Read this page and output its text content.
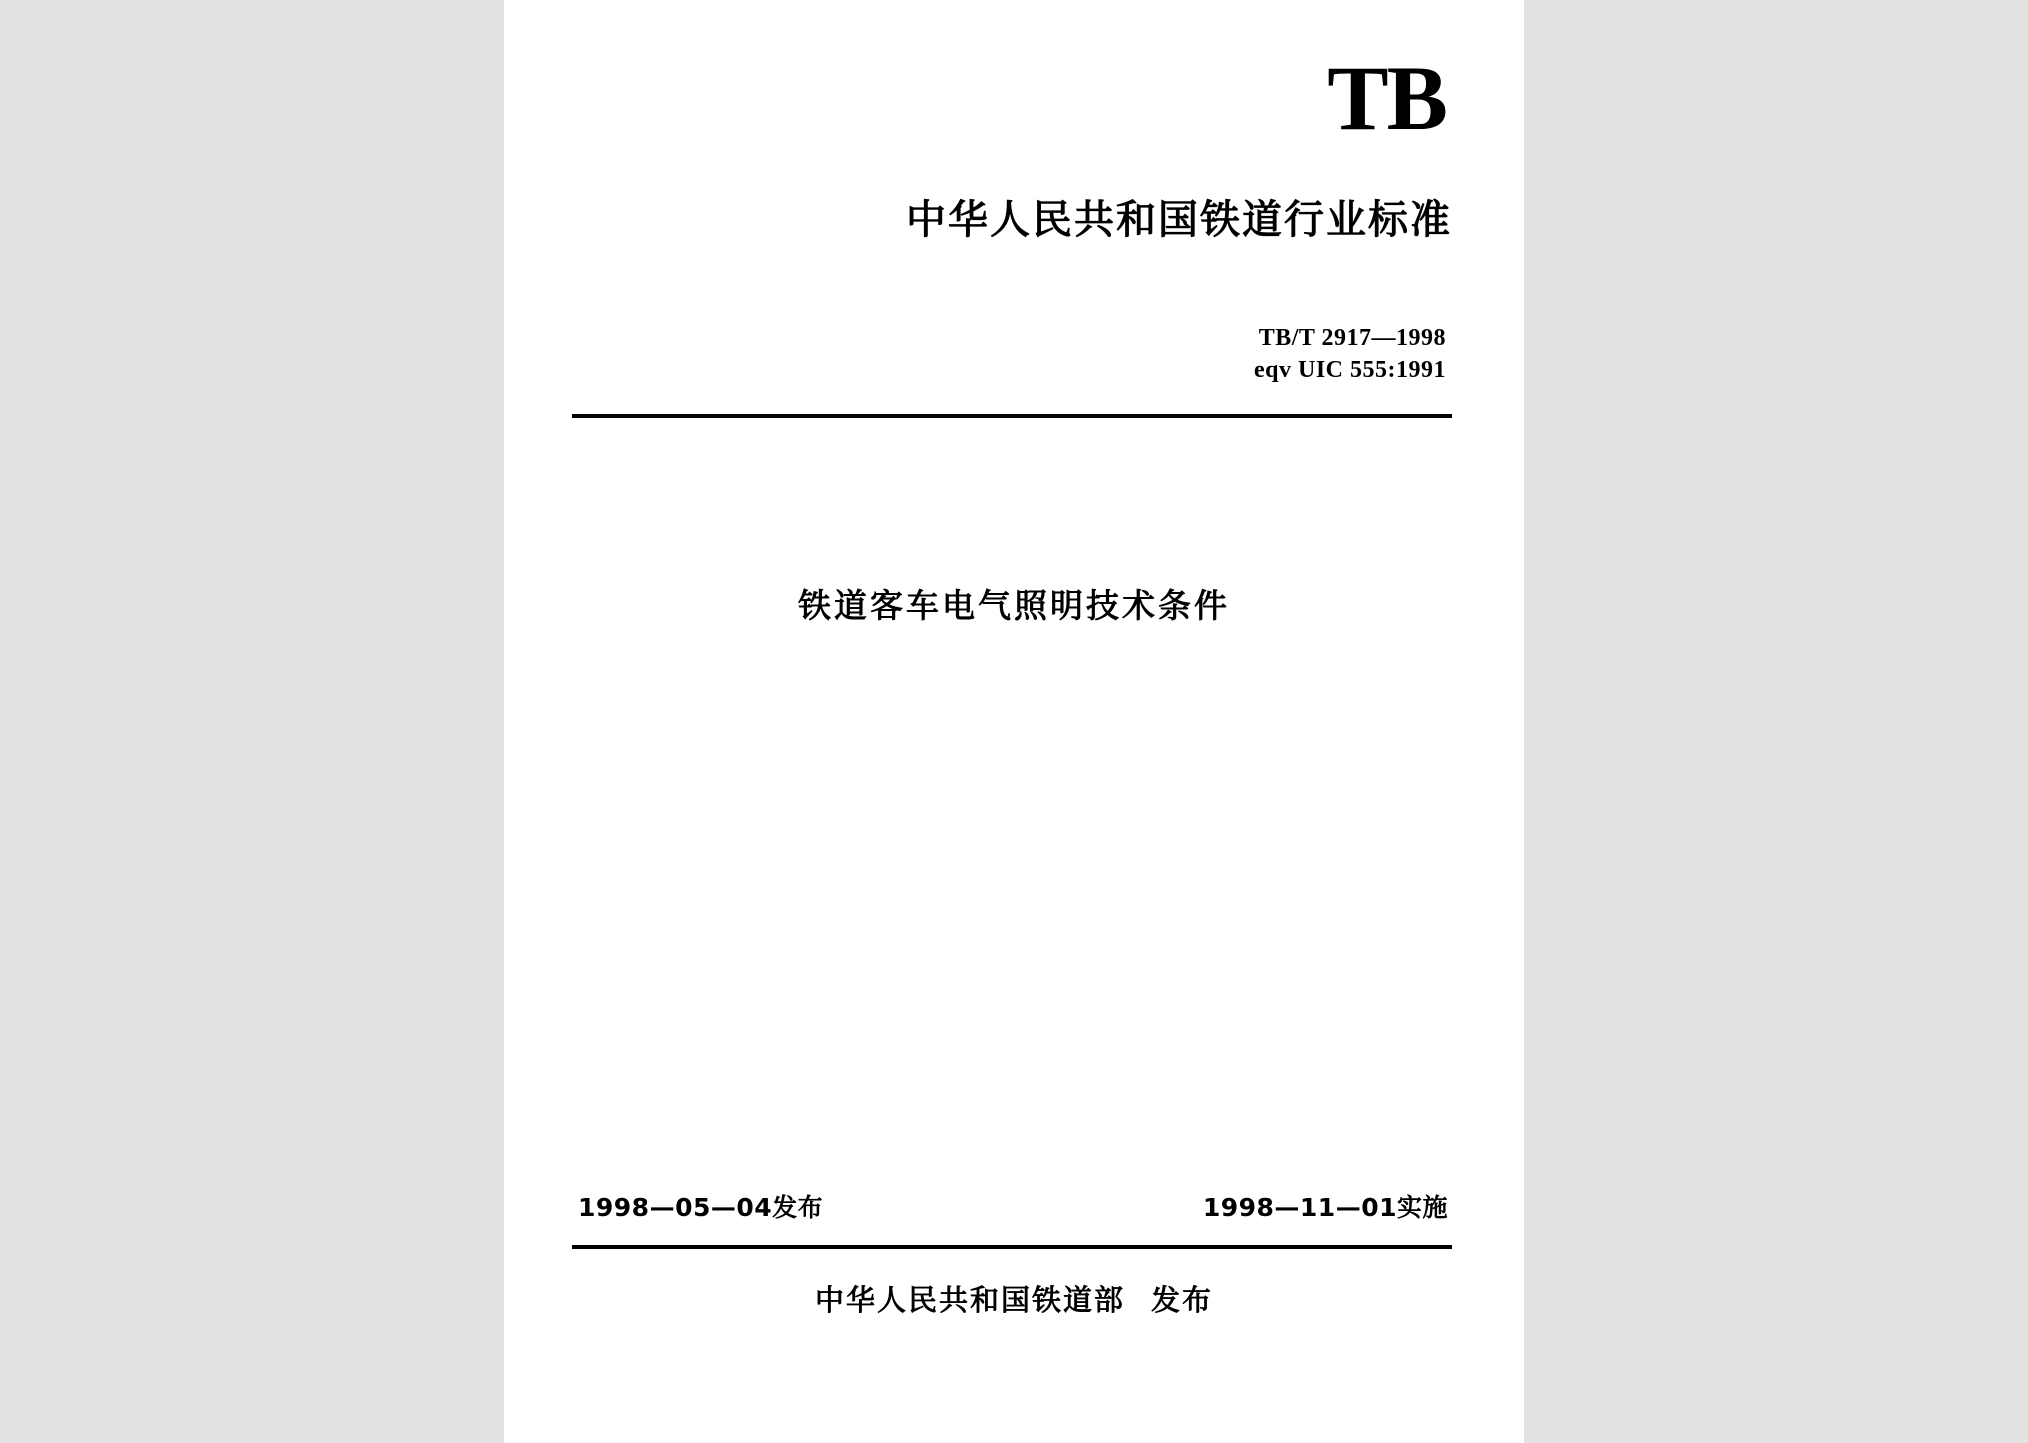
TB
中华人民共和国铁道行业标准
TB/T 2917—1998
eqv UIC 555:1991
铁道客车电气照明技术条件
1998—05—04发布	1998—11—01实施
中华人民共和国铁道部 发布
